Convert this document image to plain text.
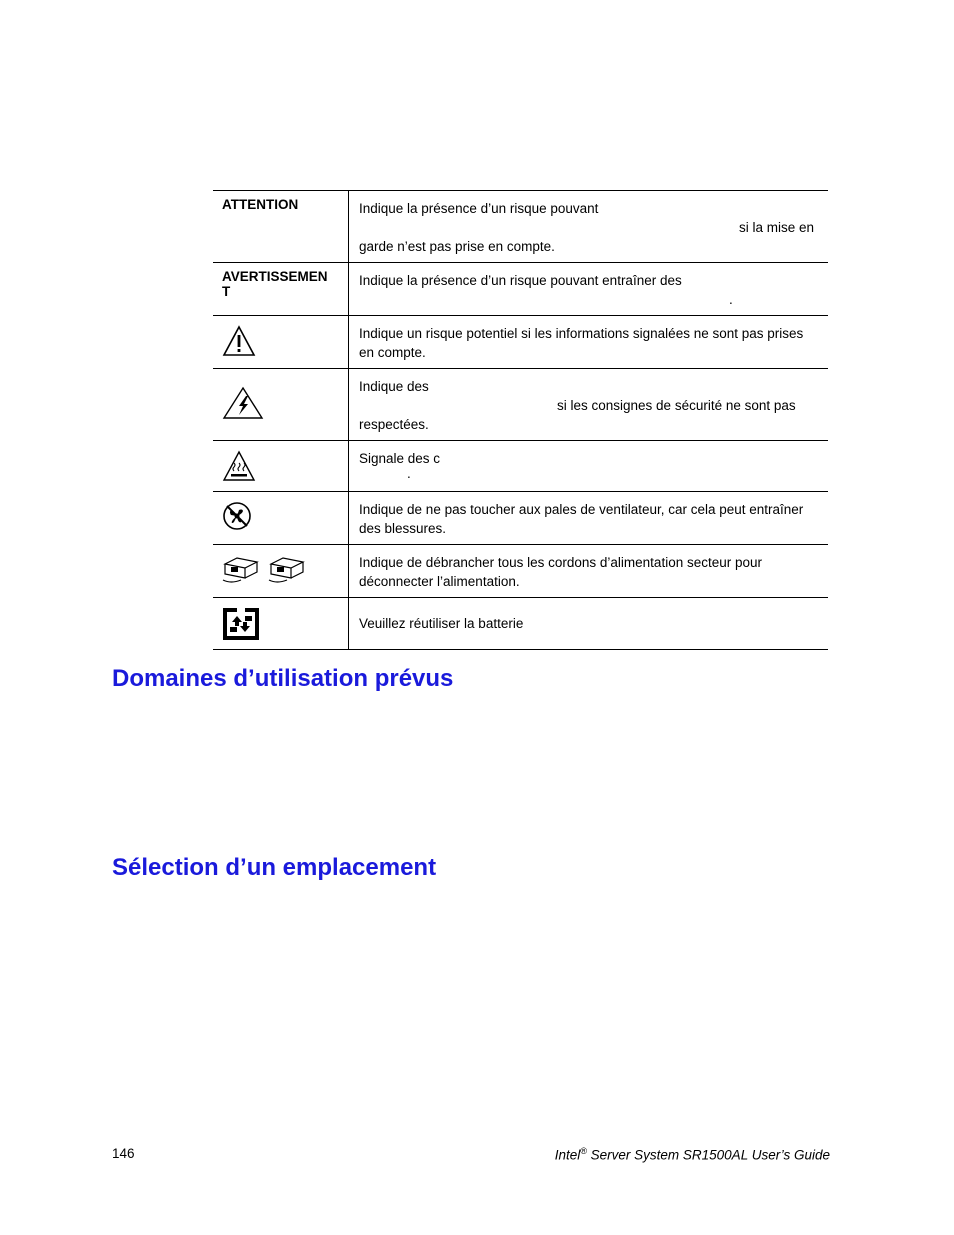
ATTENTION	Indique la présence d’un risque pouvant
si la mise en
garde n’est pas prise en compte.

AVERTISSEMEN T	Indique la présence d’un risque pouvant entraîner des
.

Indique un risque potentiel si les informations signalées ne sont pas prises en compte.

Indique des
si les consignes de sécurité ne sont pas
respectées.

Signale des c
.

Indique de ne pas toucher aux pales de ventilateur, car cela peut entraîner des blessures.

Indique de débrancher tous les cordons d’alimentation secteur pour déconnecter l’alimentation.

Veuillez réutiliser la batterie
Domaines d’utilisation prévus
Sélection d’un emplacement
146	Intel® Server System SR1500AL User’s Guide
